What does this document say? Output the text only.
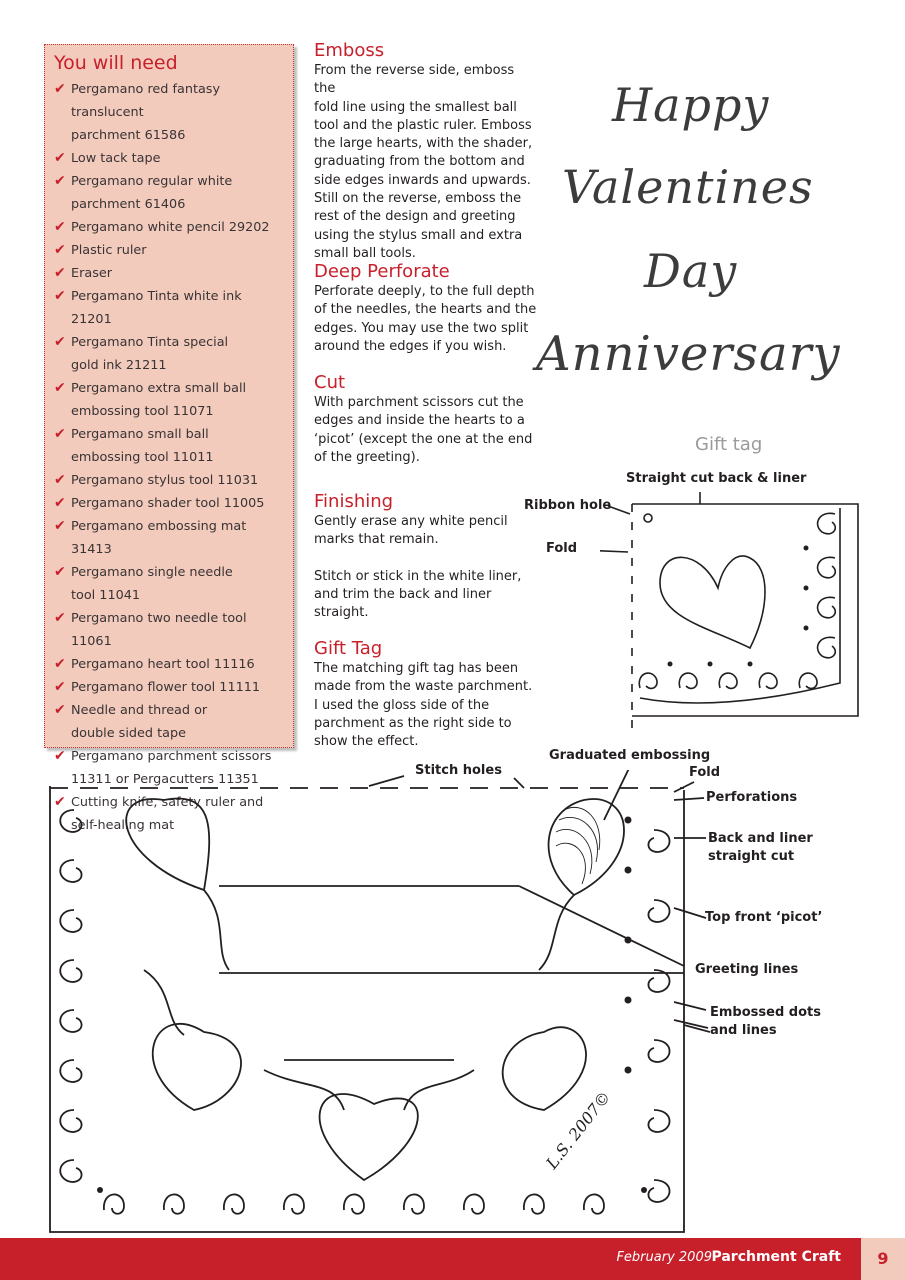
You will need
✔ Pergamano red fantasy translucent
parchment 61586
✔ Low tack tape
✔ Pergamano regular white
parchment 61406
✔ Pergamano white pencil 29202
✔ Plastic ruler
✔ Eraser
✔ Pergamano Tinta white ink 21201
✔ Pergamano Tinta special
gold ink 21211
✔ Pergamano extra small ball
embossing tool 11071
✔ Pergamano small ball
embossing tool 11011
✔ Pergamano stylus tool 11031
✔ Pergamano shader tool 11005
✔ Pergamano embossing mat 31413
✔ Pergamano single needle
tool 11041
✔ Pergamano two needle tool 11061
✔ Pergamano heart tool 11116
✔ Pergamano flower tool 11111
✔ Needle and thread or
double sided tape
✔ Pergamano parchment scissors
11311 or Pergacutters 11351
✔ Cutting knife, safety ruler and
self-healing mat
Emboss
From the reverse side, emboss the
fold line using the smallest ball
tool and the plastic ruler. Emboss
the large hearts, with the shader,
graduating from the bottom and
side edges inwards and upwards.
Still on the reverse, emboss the
rest of the design and greeting
using the stylus small and extra
small ball tools.
Deep Perforate
Perforate deeply, to the full depth
of the needles, the hearts and the
edges. You may use the two split
around the edges if you wish.
Cut
With parchment scissors cut the
edges and inside the hearts to a
‘picot’ (except the one at the end
of the greeting).
Finishing
Gently erase any white pencil
marks that remain.
Stitch or stick in the white liner,
and trim the back and liner
straight.
Gift Tag
The matching gift tag has been
made from the waste parchment.
I used the gloss side of the
parchment as the right side to
show the effect.
Happy
Valentines
Day
Anniversary
Gift tag
Straight cut back & liner
Ribbon hole
Fold
Stitch holes
Graduated embossing
Fold
Perforations
Back and liner
straight cut
Top front ‘picot’
Greeting lines
Embossed dots
and lines
L.S. 2007©
February 2009 Parchment Craft	9
